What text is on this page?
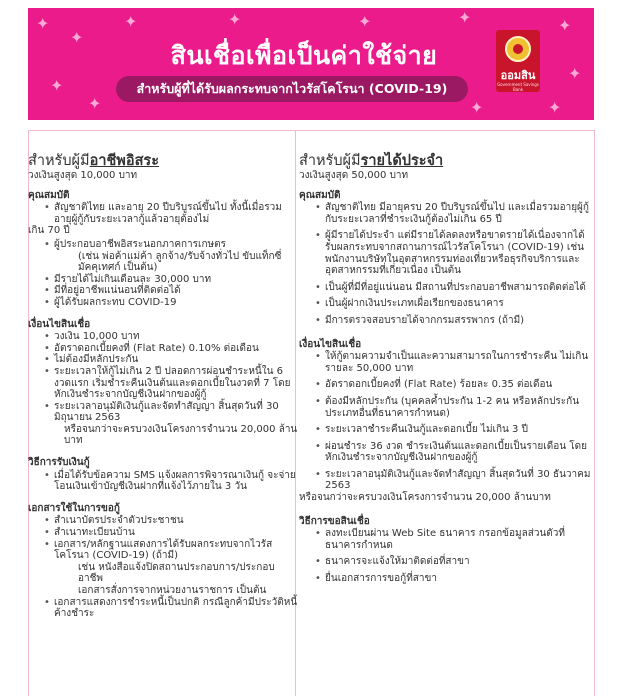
✦
✦
✦
✦
✦	✦	✦	✦
✦
✦
✦
✦
สินเชื่อเพื่อเป็นค่าใช้จ่าย
สำหรับผู้ที่ได้รับผลกระทบจากไวรัสโคโรนา (COVID-19)
ออมสิน
Government Savings Bank
สำหรับผู้มีอาชีพอิสระ
วงเงินสูงสุด 10,000 บาท
คุณสมบัติ
• สัญชาติไทย และอายุ 20 ปีบริบูรณ์ขึ้นไป ทั้งนี้เมื่อรวมอายุผู้กู้กับระยะเวลากู้แล้วอายุต้องไม่
เกิน 70 ปี
• ผู้ประกอบอาชีพอิสระนอกภาคการเกษตร
(เช่น พ่อค้าแม่ค้า ลูกจ้าง/รับจ้างทั่วไป ขับแท็กซี่ มัคคุเทศก์ เป็นต้น)
• มีรายได้ไม่เกินเดือนละ 30,000 บาท
• มีที่อยู่อาชีพแน่นอนที่ติดต่อได้
• ผู้ได้รับผลกระทบ COVID-19
เงื่อนไขสินเชื่อ
• วงเงิน 10,000 บาท
• อัตราดอกเบี้ยคงที่ (Flat Rate) 0.10% ต่อเดือน
• ไม่ต้องมีหลักประกัน
• ระยะเวลาให้กู้ไม่เกิน 2 ปี ปลอดการผ่อนชำระหนี้ใน 6 งวดแรก เริ่มชำระคืนเงินต้นและดอกเบี้ยในงวดที่ 7 โดยหักเงินชำระจากบัญชีเงินฝากของผู้กู้
• ระยะเวลาอนุมัติเงินกู้และจัดทำสัญญา สิ้นสุดวันที่ 30 มิถุนายน 2563
หรือจนกว่าจะครบวงเงินโครงการจำนวน 20,000 ล้านบาท
วิธีการรับเงินกู้
• เมื่อได้รับข้อความ SMS แจ้งผลการพิจารณาเงินกู้ จะจ่ายโอนเงินเข้าบัญชีเงินฝากที่แจ้งไว้ภายใน 3 วัน
เอกสารใช้ในการขอกู้
• สำเนาบัตรประจำตัวประชาชน
• สำเนาทะเบียนบ้าน
• เอกสาร/หลักฐานแสดงการได้รับผลกระทบจากไวรัสโคโรนา (COVID-19) (ถ้ามี)
เช่น หนังสือแจ้งปิดสถานประกอบการ/ประกอบอาชีพ
เอกสารสั่งการจากหน่วยงานราชการ เป็นต้น
• เอกสารแสดงการชำระหนี้เป็นปกติ กรณีลูกค้ามีประวัติหนี้ค้างชำระ
สำหรับผู้มีรายได้ประจำ
วงเงินสูงสุด 50,000 บาท
คุณสมบัติ
• สัญชาติไทย มีอายุครบ 20 ปีบริบูรณ์ขึ้นไป และเมื่อรวมอายุผู้กู้กับระยะเวลาที่ชำระเงินกู้ต้องไม่เกิน 65 ปี
• ผู้มีรายได้ประจำ แต่มีรายได้ลดลงหรือขาดรายได้เนื่องจากได้รับผลกระทบจากสถานการณ์ไวรัสโคโรนา (COVID-19) เช่น พนักงานบริษัทในอุตสาหกรรมท่องเที่ยวหรือธุรกิจบริการและอุตสาหกรรมที่เกี่ยวเนื่อง เป็นต้น
• เป็นผู้ที่มีที่อยู่แน่นอน มีสถานที่ประกอบอาชีพสามารถติดต่อได้
• เป็นผู้ฝากเงินประเภทเผื่อเรียกของธนาคาร
• มีการตรวจสอบรายได้จากกรมสรรพากร (ถ้ามี)
เงื่อนไขสินเชื่อ
• ให้กู้ตามความจำเป็นและความสามารถในการชำระคืน ไม่เกินรายละ 50,000 บาท
• อัตราดอกเบี้ยคงที่ (Flat Rate) ร้อยละ 0.35 ต่อเดือน
• ต้องมีหลักประกัน (บุคคลค้ำประกัน 1-2 คน หรือหลักประกันประเภทอื่นที่ธนาคารกำหนด)
• ระยะเวลาชำระคืนเงินกู้และดอกเบี้ย ไม่เกิน 3 ปี
• ผ่อนชำระ 36 งวด ชำระเงินต้นและดอกเบี้ยเป็นรายเดือน โดยหักเงินชำระจากบัญชีเงินฝากของผู้กู้
• ระยะเวลาอนุมัติเงินกู้และจัดทำสัญญา สิ้นสุดวันที่ 30 ธันวาคม 2563
หรือจนกว่าจะครบวงเงินโครงการจำนวน 20,000 ล้านบาท
วิธีการขอสินเชื่อ
• ลงทะเบียนผ่าน Web Site ธนาคาร กรอกข้อมูลส่วนตัวที่ธนาคารกำหนด
• ธนาคารจะแจ้งให้มาติดต่อที่สาขา
• ยื่นเอกสารการขอกู้ที่สาขา
